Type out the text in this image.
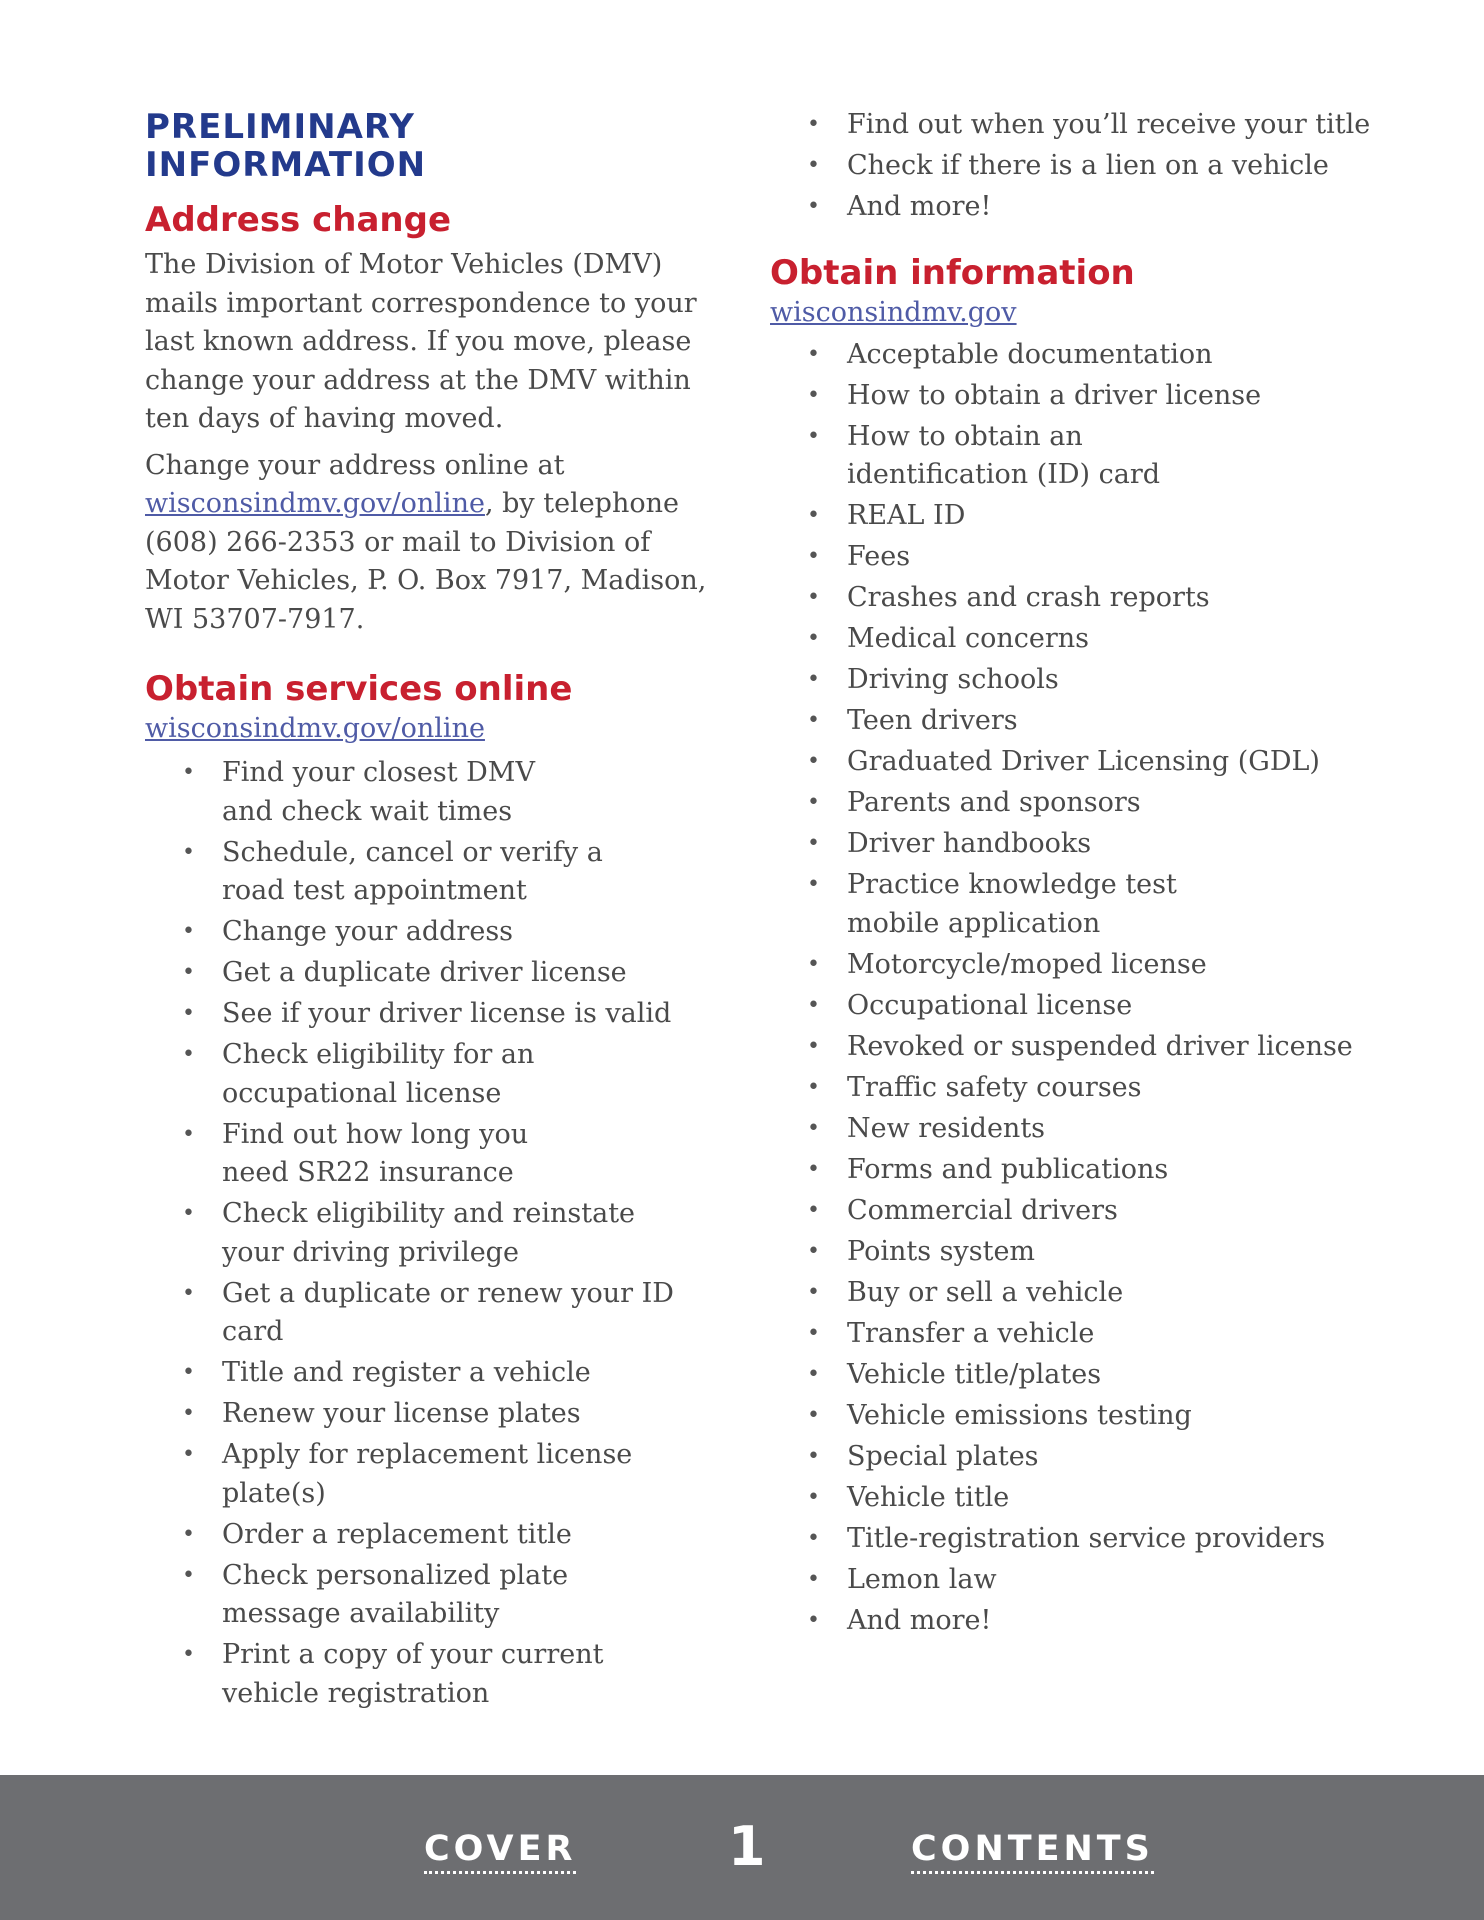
PRELIMINARY
INFORMATION
Address change

The Division of Motor Vehicles (DMV) mails important correspondence to your last known address. If you move, please change your address at the DMV within ten days of having moved.

Change your address online at wisconsindmv.gov/online, by telephone (608) 266-2353 or mail to Division of Motor Vehicles, P. O. Box 7917, Madison, WI 53707-7917.

Obtain services online
wisconsindmv.gov/online
• Find your closest DMV
and check wait times
• Schedule, cancel or verify a
road test appointment
• Change your address
• Get a duplicate driver license
• See if your driver license is valid
• Check eligibility for an
occupational license
• Find out how long you
need SR22 insurance
• Check eligibility and reinstate
your driving privilege
• Get a duplicate or renew your ID card
• Title and register a vehicle
• Renew your license plates
• Apply for replacement license plate(s)
• Order a replacement title
• Check personalized plate
message availability
• Print a copy of your current
vehicle registration
• Find out when you’ll receive your title
• Check if there is a lien on a vehicle
• And more!
Obtain information
wisconsindmv.gov
• Acceptable documentation
• How to obtain a driver license
• How to obtain an
identification (ID) card
• REAL ID
• Fees
• Crashes and crash reports
• Medical concerns
• Driving schools
• Teen drivers
• Graduated Driver Licensing (GDL)
• Parents and sponsors
• Driver handbooks
• Practice knowledge test
mobile application
• Motorcycle/moped license
• Occupational license
• Revoked or suspended driver license
• Traffic safety courses
• New residents
• Forms and publications
• Commercial drivers
• Points system
• Buy or sell a vehicle
• Transfer a vehicle
• Vehicle title/plates
• Vehicle emissions testing
• Special plates
• Vehicle title
• Title-registration service providers
• Lemon law
• And more!
COVER	1	CONTENTS
